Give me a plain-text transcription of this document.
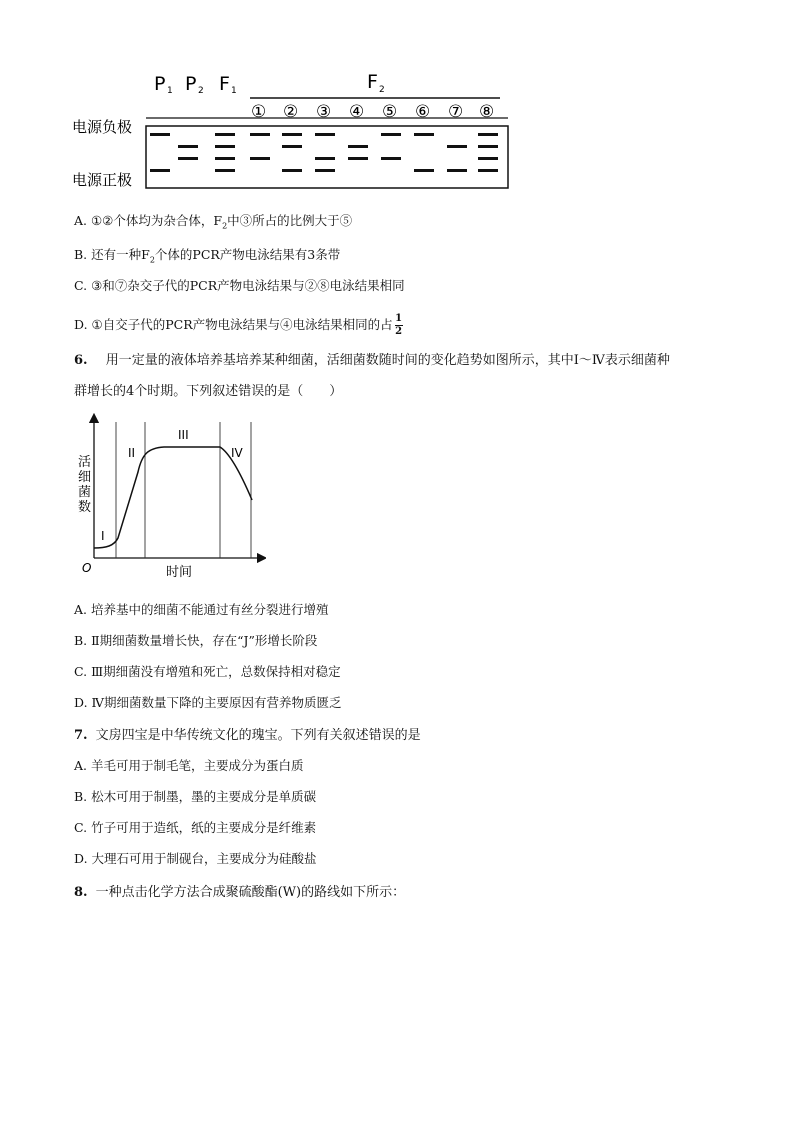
P 1 P 2 F 1	F 2
① ② ③ ④ ⑤ ⑥ ⑦ ⑧
电源负极
电源正极
A. ①②个体均为杂合体，$F_2$中③所占的比例大于⑤
B. 还有一种$F_2$个体的PCR产物电泳结果有3条带
C. ③和⑦杂交子代的PCR产物电泳结果与②⑧电泳结果相同
D. ①自交子代的PCR产物电泳结果与④电泳结果相同的占 $\frac{1}{2}$
6. 用一定量的液体培养基培养某种细菌，活细菌数随时间的变化趋势如图所示，其中Ⅰ～Ⅳ表示细菌种
群增长的4个时期。下列叙述错误的是（　　）
I
II
III
IV
O	时间
活
细
菌
数
A. 培养基中的细菌不能通过有丝分裂进行增殖
B. Ⅱ期细菌数量增长快，存在“J”形增长阶段
C. Ⅲ期细菌没有增殖和死亡，总数保持相对稳定
D. Ⅳ期细菌数量下降的主要原因有营养物质匮乏
7. 文房四宝是中华传统文化的瑰宝。下列有关叙述错误的是
A. 羊毛可用于制毛笔，主要成分为蛋白质
B. 松木可用于制墨，墨的主要成分是单质碳
C. 竹子可用于造纸，纸的主要成分是纤维素
D. 大理石可用于制砚台，主要成分为硅酸盐
8. 一种点击化学方法合成聚硫酸酯(W)的路线如下所示：
